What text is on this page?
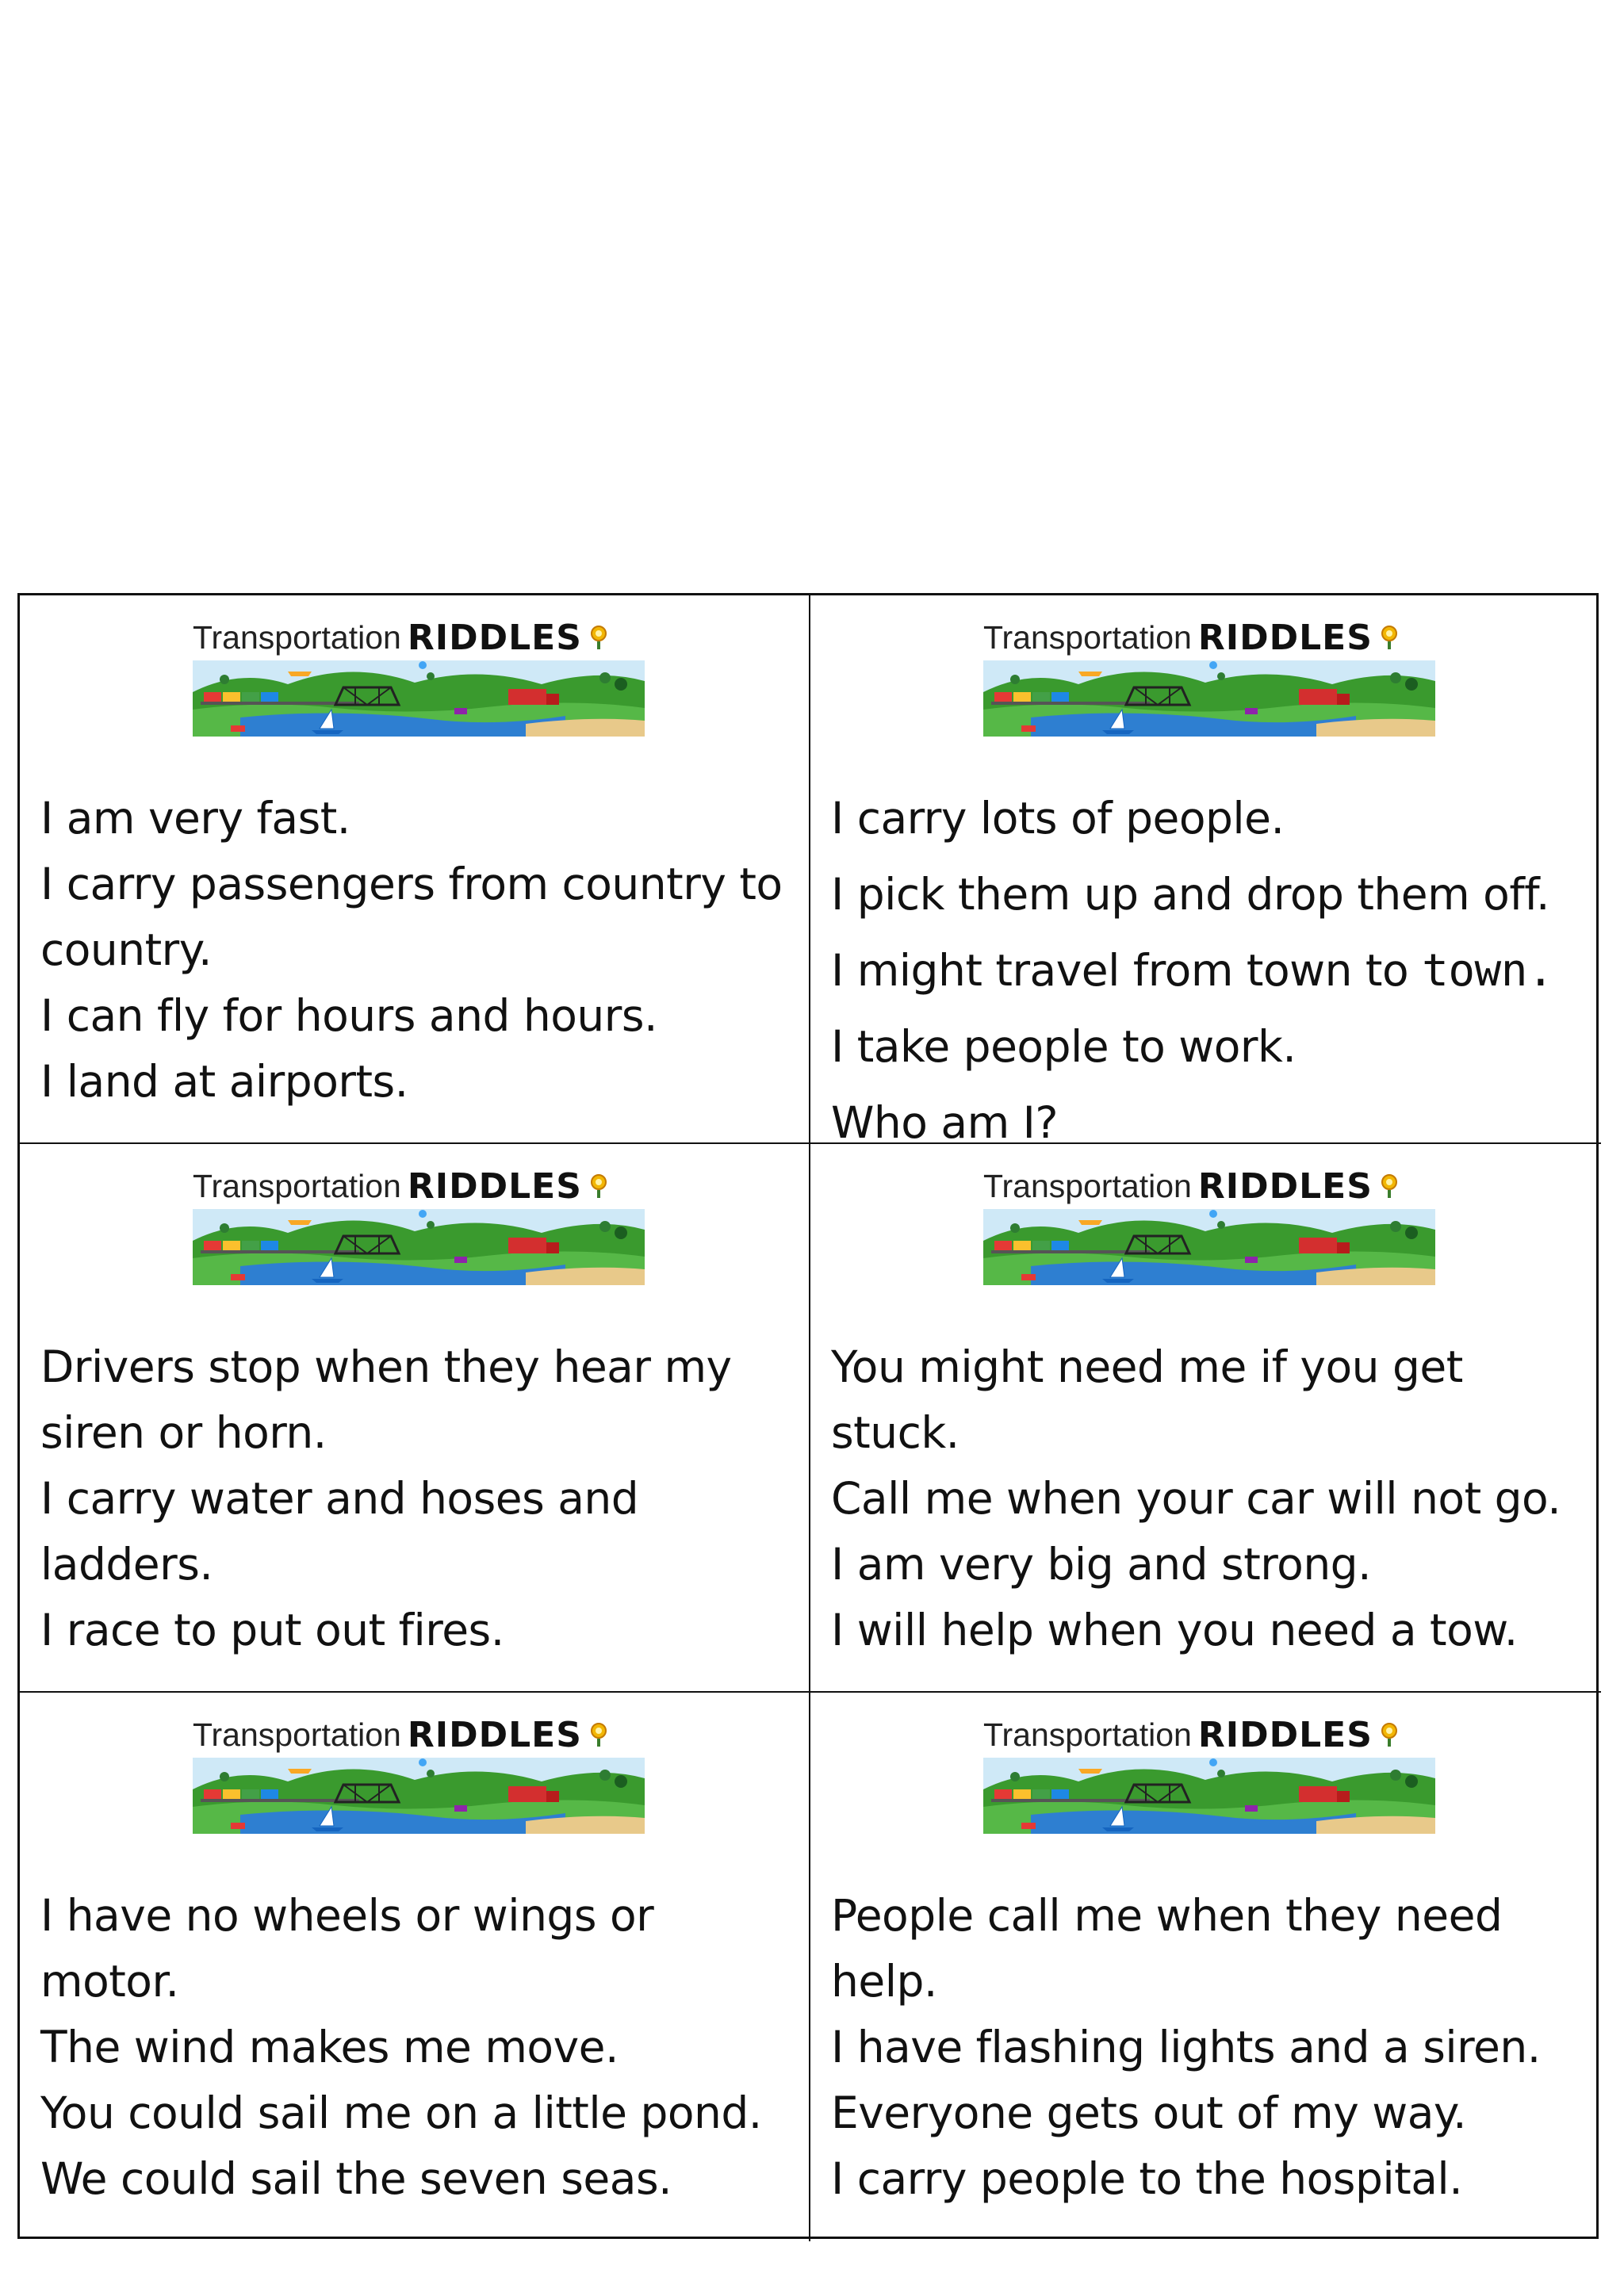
Transportation RIDDLES
I am very fast.
I carry passengers from country to country.
I can fly for hours and hours.
I land at airports.
Transportation RIDDLES
I carry lots of people.
I pick them up and drop them off.
I might travel from town to town.
I take people to work.
Who am I?
Transportation RIDDLES
Drivers stop when they hear my siren or horn.
I carry water and hoses and ladders.
I race to put out fires.
Transportation RIDDLES
You might need me if you get stuck.
Call me when your car will not go. I am very big and strong.
I will help when you need a tow.
Transportation RIDDLES
I have no wheels or wings or motor.
The wind makes me move.
You could sail me on a little pond.
We could sail the seven seas.
Transportation RIDDLES
People call me when they need help.
I have flashing lights and a siren.
Everyone gets out of my way.
I carry people to the hospital.
